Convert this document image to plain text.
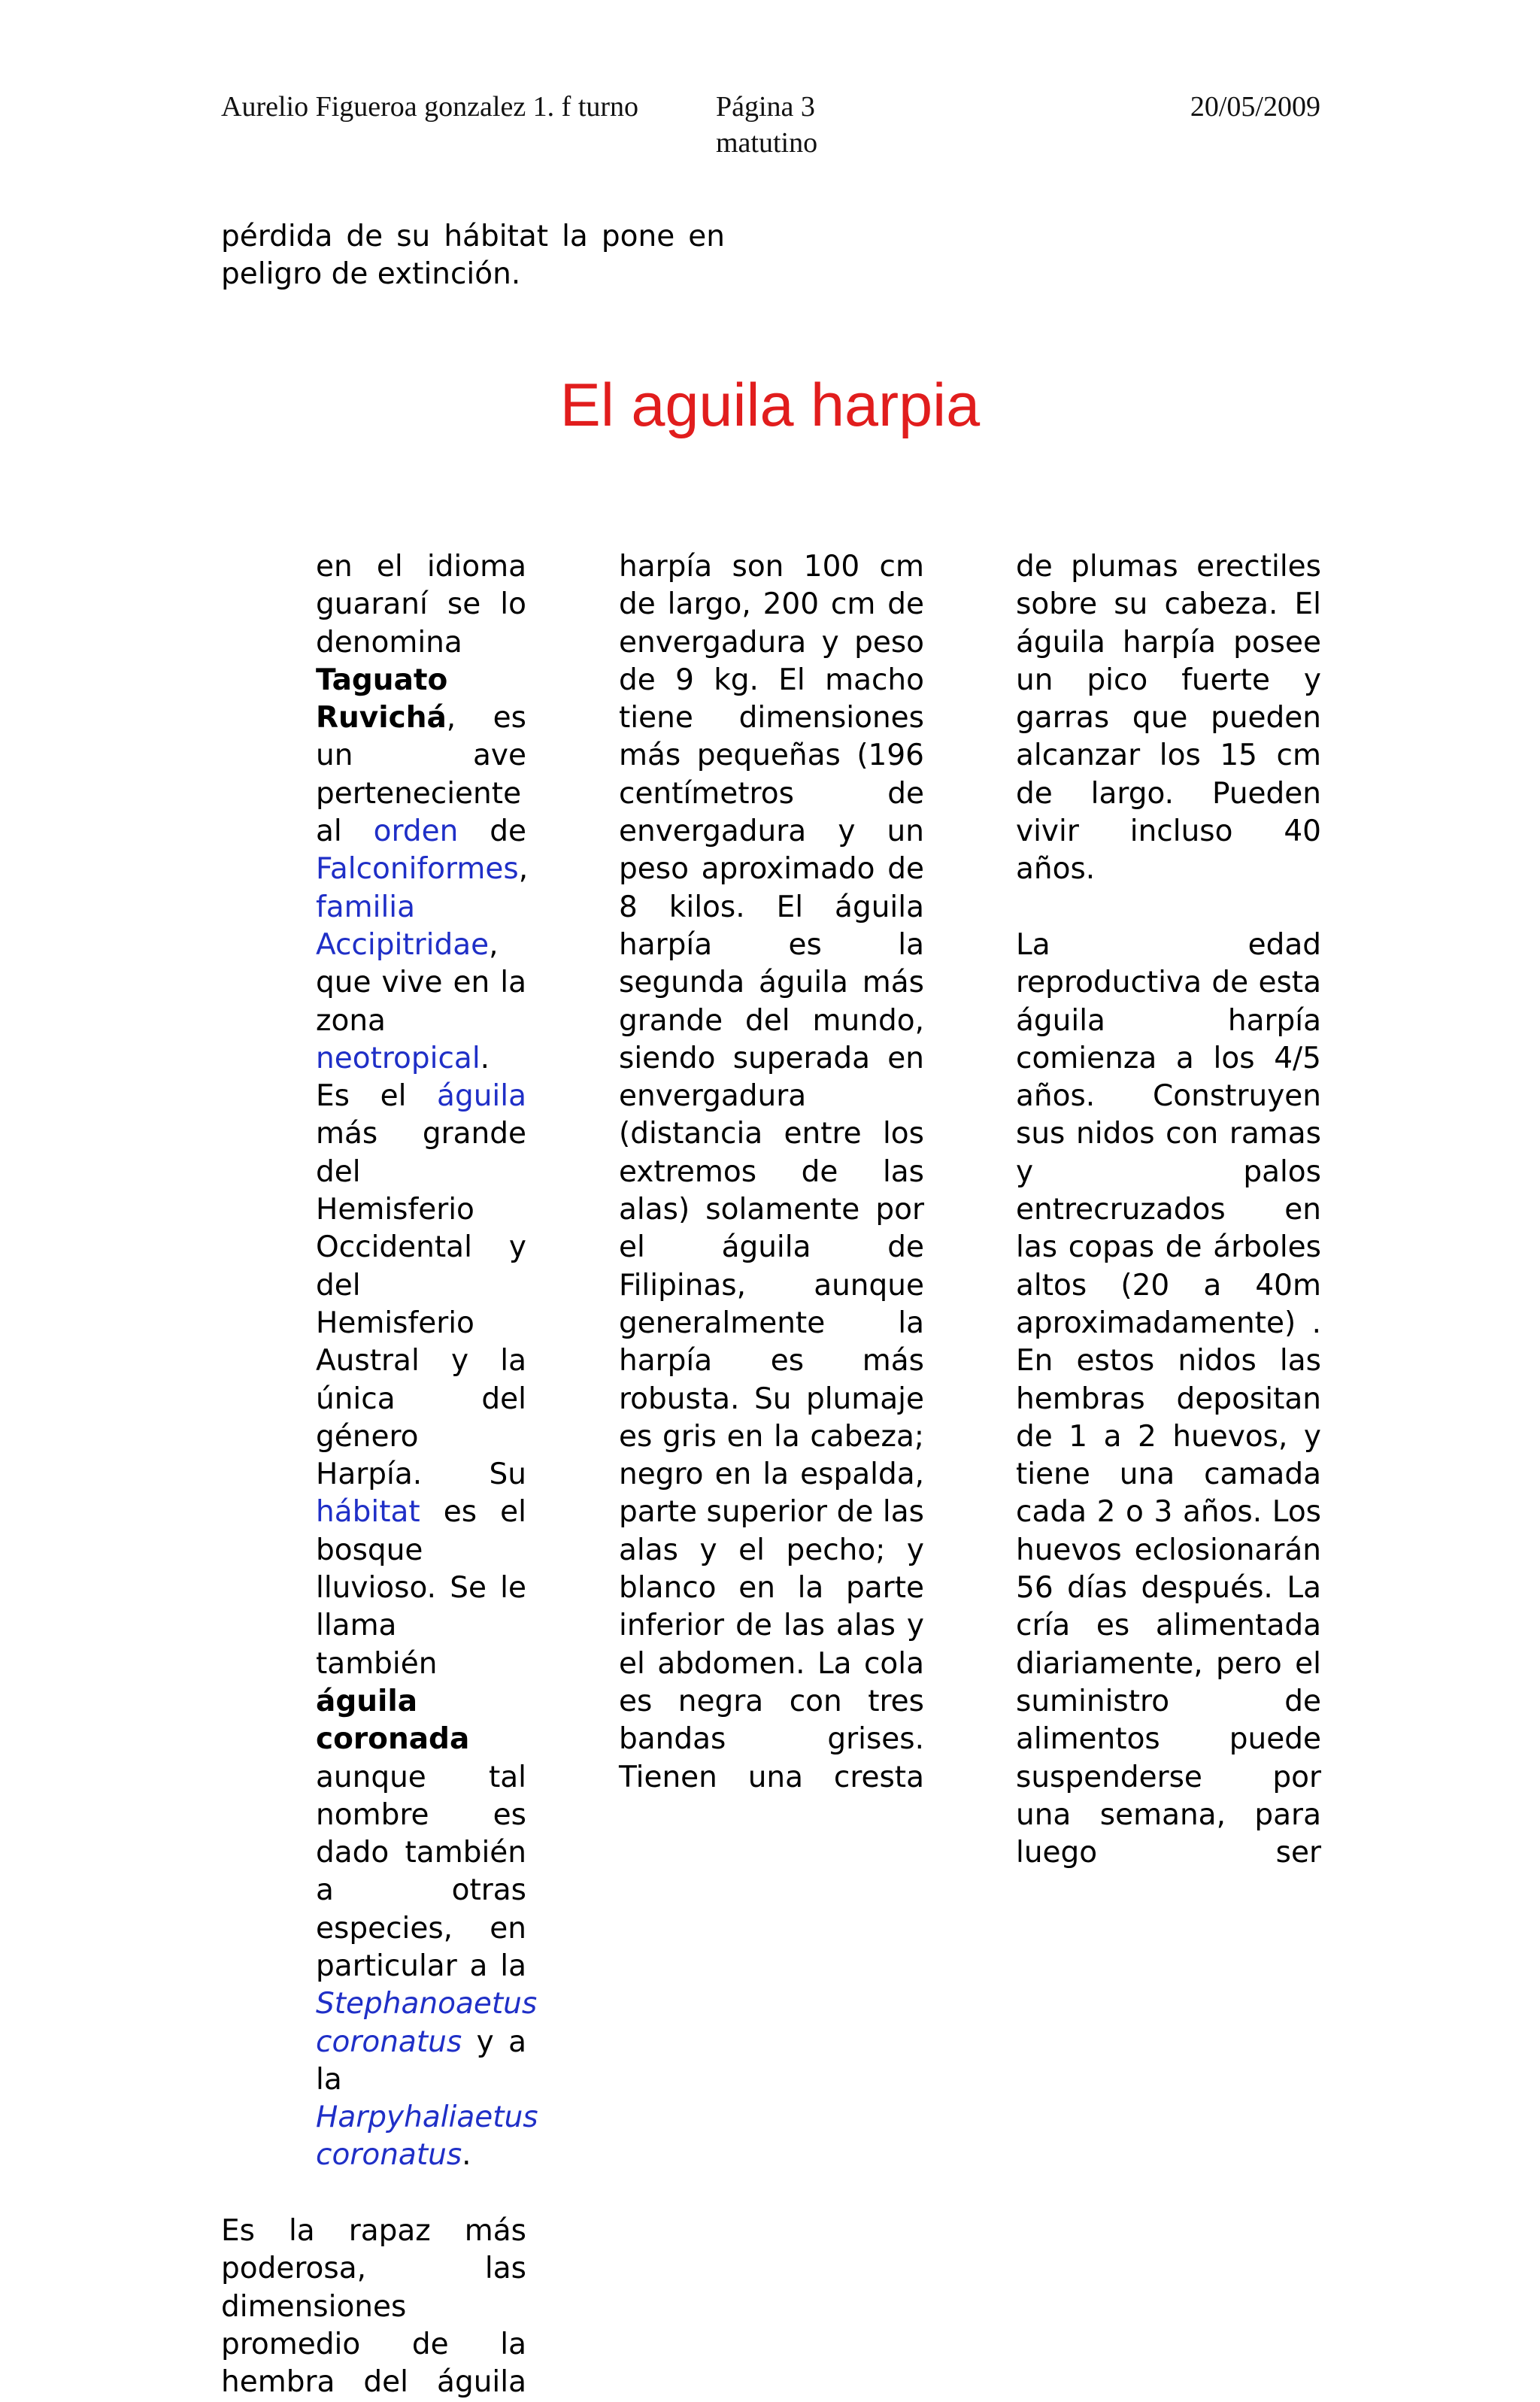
Aurelio Figueroa gonzalez 1. f turno	Página 3
matutino
20/05/2009
pérdida de su hábitat la pone en peligro de extinción.
El aguila harpia

en el idioma guaraní se lo denomina Taguato Ruvichá, es un ave perteneciente al orden de Falconiformes, familia Accipitridae, que vive en la zona neotropical. Es el águila más grande del Hemisferio Occidental y del Hemisferio Austral y la única del género Harpía. Su hábitat es el bosque lluvioso. Se le llama también águila coronada aunque tal nombre es dado también a otras especies, en particular a la Stephanoaetus coronatus y a la Harpyhaliaetus coronatus.

Es la rapaz más poderosa, las dimensiones promedio de la hembra del águila

harpía son 100 cm de largo, 200 cm de envergadura y peso de 9 kg. El macho tiene dimensiones más pequeñas (196 centímetros de envergadura y un peso aproximado de 8 kilos. El águila harpía es la segunda águila más grande del mundo, siendo superada en envergadura (distancia entre los extremos de las alas) solamente por el águila de Filipinas, aunque generalmente la harpía es más robusta. Su plumaje es gris en la cabeza; negro en la espalda, parte superior de las alas y el pecho; y blanco en la parte inferior de las alas y el abdomen. La cola es negra con tres bandas grises. Tienen una cresta

de plumas erectiles sobre su cabeza. El águila harpía posee un pico fuerte y garras que pueden alcanzar los 15 cm de largo. Pueden vivir incluso 40 años.

La edad reproductiva de esta águila harpía comienza a los 4/5 años. Construyen sus nidos con ramas y palos entrecruzados en las copas de árboles altos (20 a 40m aproximadamente) . En estos nidos las hembras depositan de 1 a 2 huevos, y tiene una camada cada 2 o 3 años. Los huevos eclosionarán 56 días después. La cría es alimentada diariamente, pero el suministro de alimentos puede suspenderse por una semana, para luego ser
